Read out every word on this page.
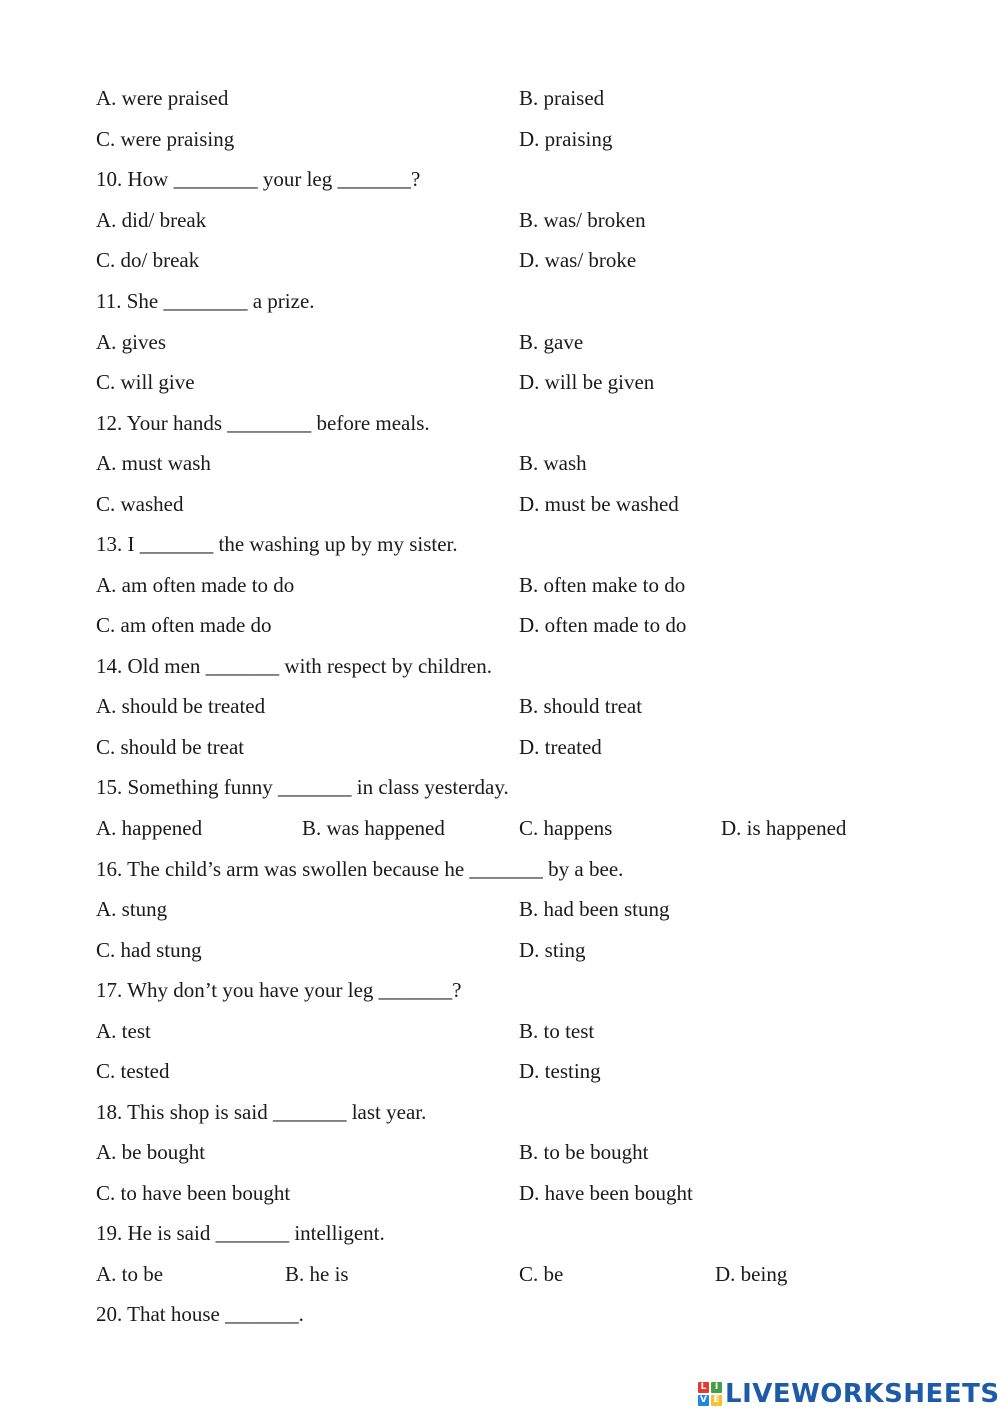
A. were praised	B. praised
C. were praising	D. praising
10. How ________ your leg _______?
A. did/ break	B. was/ broken
C. do/ break	D. was/ broke
11. She ________ a prize.
A. gives	B. gave
C. will give	D. will be given
12. Your hands ________ before meals.
A. must wash	B. wash
C. washed	D. must be washed
13. I _______ the washing up by my sister.
A. am often made to do	B. often make to do
C. am often made do	D. often made to do
14. Old men _______ with respect by children.
A. should be treated	B. should treat
C. should be treat	D. treated
15. Something funny _______ in class yesterday.
A. happened	B. was happened	C. happens	D. is happened
16. The child’s arm was swollen because he _______ by a bee.
A. stung	B. had been stung
C. had stung	D. sting
17. Why don’t you have your leg _______?
A. test	B. to test
C. tested	D. testing
18. This shop is said _______ last year.
A. be bought	B. to be bought
C. to have been bought	D. have been bought
19. He is said _______ intelligent.
A. to be	B. he is	C. be	D. being
20. That house _______.
L I
V E LIVEWORKSHEETS
